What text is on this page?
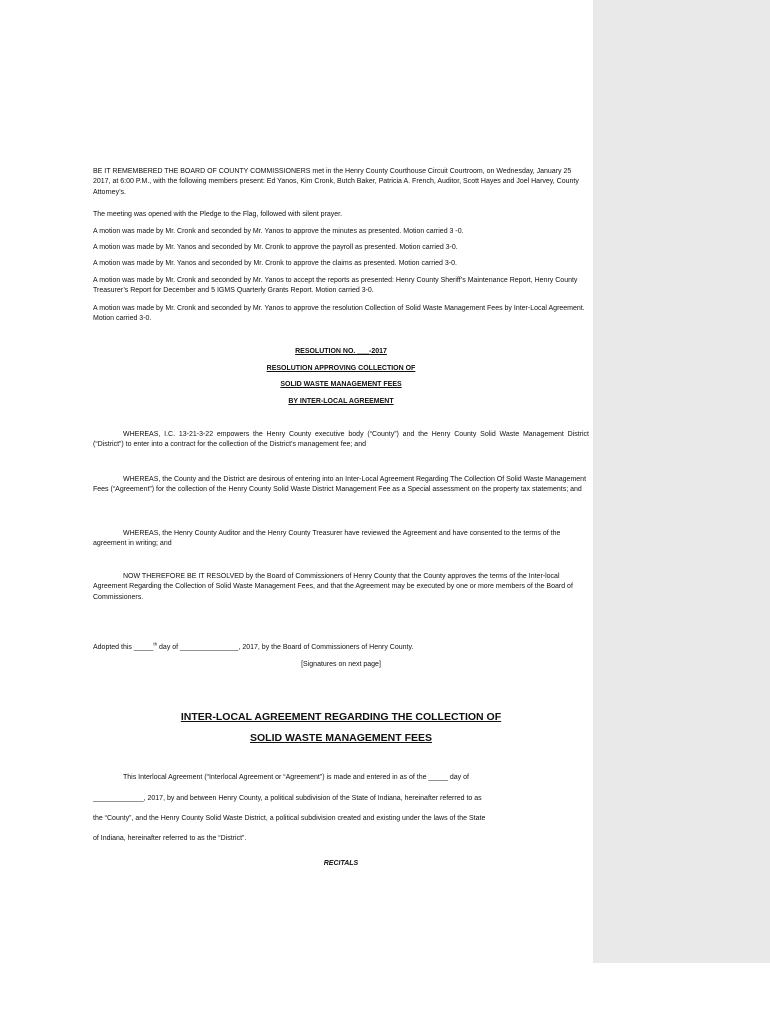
BE IT REMEMBERED THE BOARD OF COUNTY COMMISSIONERS met in the Henry County Courthouse Circuit Courtroom, on Wednesday, January 25 2017, at 6:00 P.M., with the following members present: Ed Yanos, Kim Cronk, Butch Baker, Patricia A. French, Auditor, Scott Hayes and Joel Harvey, County Attorney’s.

The meeting was opened with the Pledge to the Flag, followed with silent prayer.

A motion was made by Mr. Cronk and seconded by Mr. Yanos to approve the minutes as presented. Motion carried 3 -0.

A motion was made by Mr. Yanos and seconded by Mr. Cronk to approve the payroll as presented. Motion carried 3-0.

A motion was made by Mr. Yanos and seconded by Mr. Cronk to approve the claims as presented. Motion carried 3-0.

A motion was made by Mr. Cronk and seconded by Mr. Yanos to accept the reports as presented: Henry County Sheriff’s Maintenance Report, Henry County Treasurer’s Report for December and 5 IGMS Quarterly Grants Report. Motion carried 3-0.

A motion was made by Mr. Cronk and seconded by Mr. Yanos to approve the resolution Collection of Solid Waste Management Fees by Inter-Local Agreement. Motion carried 3-0.

RESOLUTION NO. ___-2017
RESOLUTION APPROVING COLLECTION OF
SOLID WASTE MANAGEMENT FEES
BY INTER-LOCAL AGREEMENT

WHEREAS, I.C. 13-21-3-22 empowers the Henry County executive body (“County”) and the Henry County Solid Waste Management District (“District”) to enter into a contract for the collection of the District’s management fee; and

WHEREAS, the County and the District are desirous of entering into an Inter-Local Agreement Regarding The Collection Of Solid Waste Management Fees (“Agreement”) for the collection of the Henry County Solid Waste District Management Fee as a Special assessment on the property tax statements; and

WHEREAS, the Henry County Auditor and the Henry County Treasurer have reviewed the Agreement and have consented to the terms of the agreement in writing; and

NOW THEREFORE BE IT RESOLVED by the Board of Commissioners of Henry County that the County approves the terms of the Inter-local Agreement Regarding the Collection of Solid Waste Management Fees, and that the Agreement may be executed by one or more members of the Board of Commissioners.

Adopted this _____$^{th}$ day of _______________, 2017, by the Board of Commissioners of Henry County.

[Signatures on next page]
INTER-LOCAL AGREEMENT REGARDING THE COLLECTION OF
SOLID WASTE MANAGEMENT FEES

This Interlocal Agreement (“Interlocal Agreement or “Agreement”) is made and entered in as of the _____ day of

_____________, 2017, by and between Henry County, a political subdivision of the State of Indiana, hereinafter referred to as

the “County”, and the Henry County Solid Waste District, a political subdivision created and existing under the laws of the State

of Indiana, hereinafter referred to as the “District”.

RECITALS
